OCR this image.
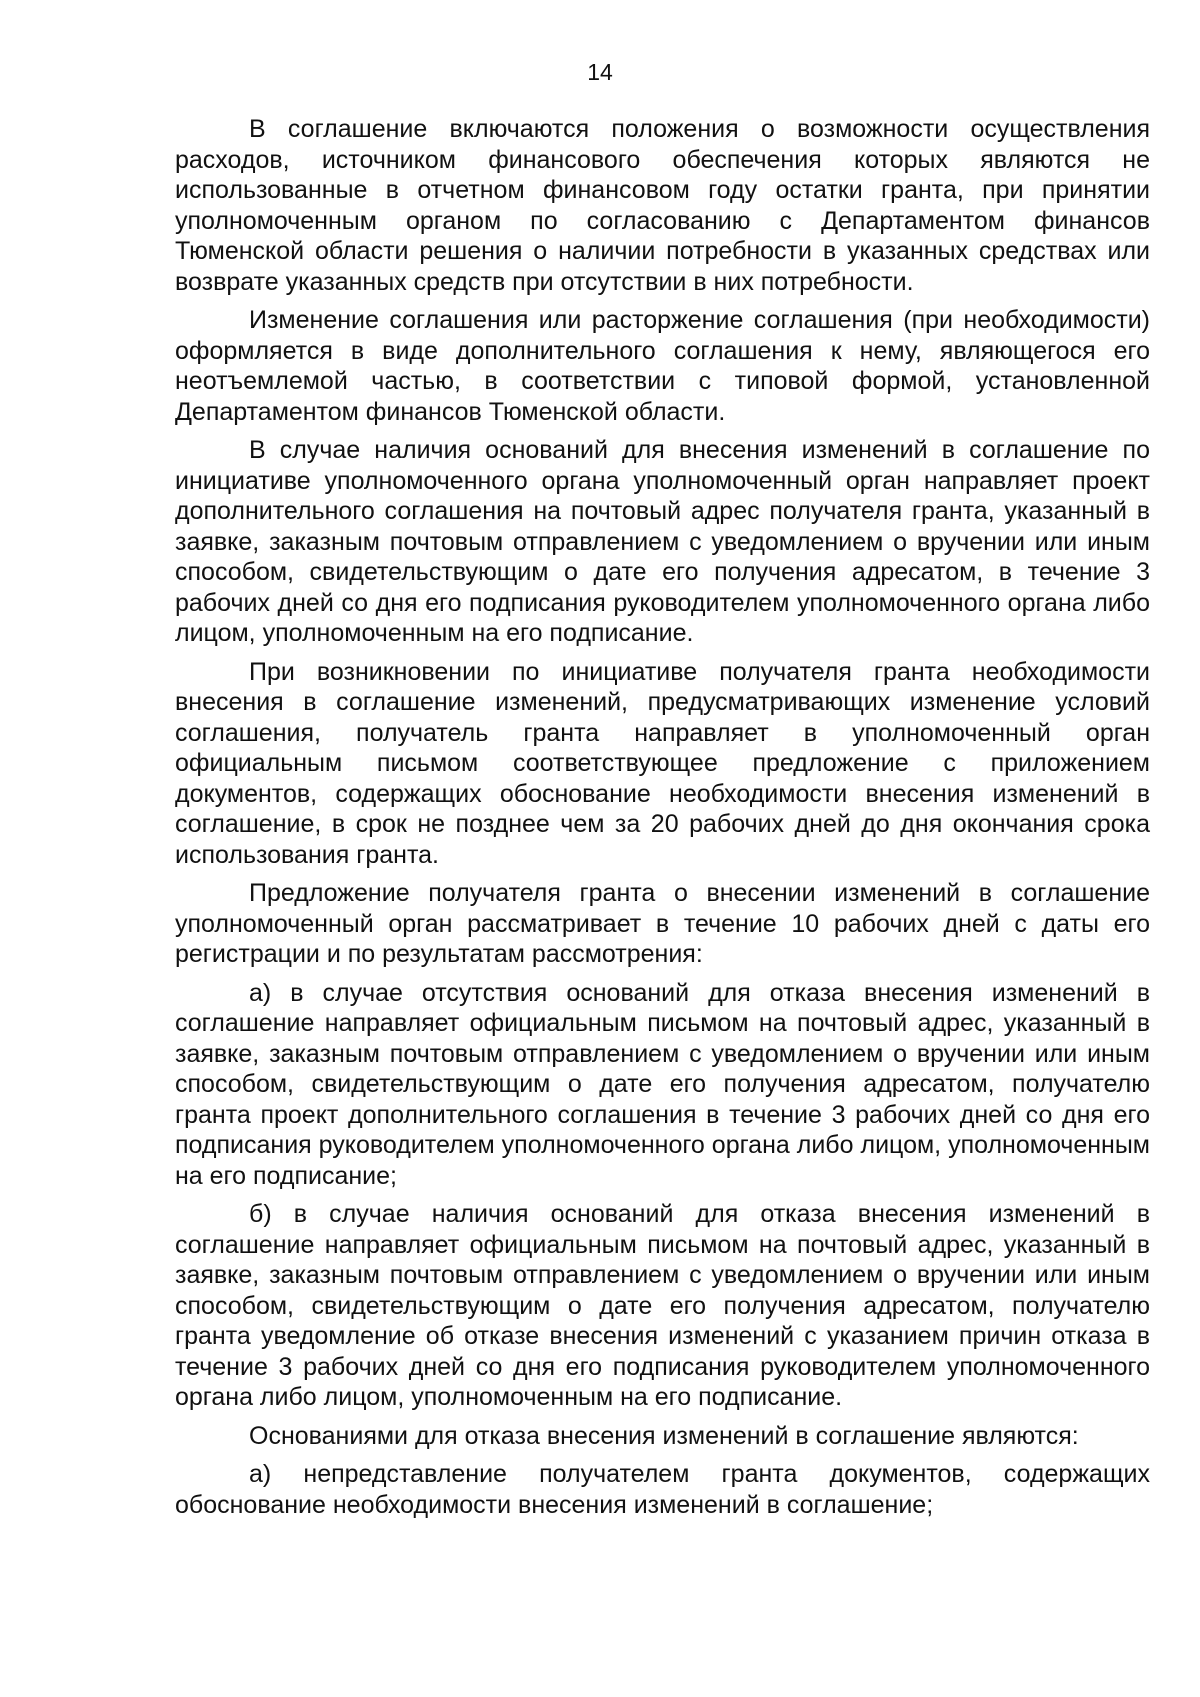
14

В соглашение включаются положения о возможности осуществления расходов, источником финансового обеспечения которых являются не использованные в отчетном финансовом году остатки гранта, при принятии уполномоченным органом по согласованию с Департаментом финансов Тюменской области решения о наличии потребности в указанных средствах или возврате указанных средств при отсутствии в них потребности.

Изменение соглашения или расторжение соглашения (при необходимости) оформляется в виде дополнительного соглашения к нему, являющегося его неотъемлемой частью, в соответствии с типовой формой, установленной Департаментом финансов Тюменской области.

В случае наличия оснований для внесения изменений в соглашение по инициативе уполномоченного органа уполномоченный орган направляет проект дополнительного соглашения на почтовый адрес получателя гранта, указанный в заявке, заказным почтовым отправлением с уведомлением о вручении или иным способом, свидетельствующим о дате его получения адресатом, в течение 3 рабочих дней со дня его подписания руководителем уполномоченного органа либо лицом, уполномоченным на его подписание.

При возникновении по инициативе получателя гранта необходимости внесения в соглашение изменений, предусматривающих изменение условий соглашения, получатель гранта направляет в уполномоченный орган официальным письмом соответствующее предложение с приложением документов, содержащих обоснование необходимости внесения изменений в соглашение, в срок не позднее чем за 20 рабочих дней до дня окончания срока использования гранта.

Предложение получателя гранта о внесении изменений в соглашение уполномоченный орган рассматривает в течение 10 рабочих дней с даты его регистрации и по результатам рассмотрения:

а) в случае отсутствия оснований для отказа внесения изменений в соглашение направляет официальным письмом на почтовый адрес, указанный в заявке, заказным почтовым отправлением с уведомлением о вручении или иным способом, свидетельствующим о дате его получения адресатом, получателю гранта проект дополнительного соглашения в течение 3 рабочих дней со дня его подписания руководителем уполномоченного органа либо лицом, уполномоченным на его подписание;

б) в случае наличия оснований для отказа внесения изменений в соглашение направляет официальным письмом на почтовый адрес, указанный в заявке, заказным почтовым отправлением с уведомлением о вручении или иным способом, свидетельствующим о дате его получения адресатом, получателю гранта уведомление об отказе внесения изменений с указанием причин отказа в течение 3 рабочих дней со дня его подписания руководителем уполномоченного органа либо лицом, уполномоченным на его подписание.

Основаниями для отказа внесения изменений в соглашение являются:

а) непредставление получателем гранта документов, содержащих обоснование необходимости внесения изменений в соглашение;
